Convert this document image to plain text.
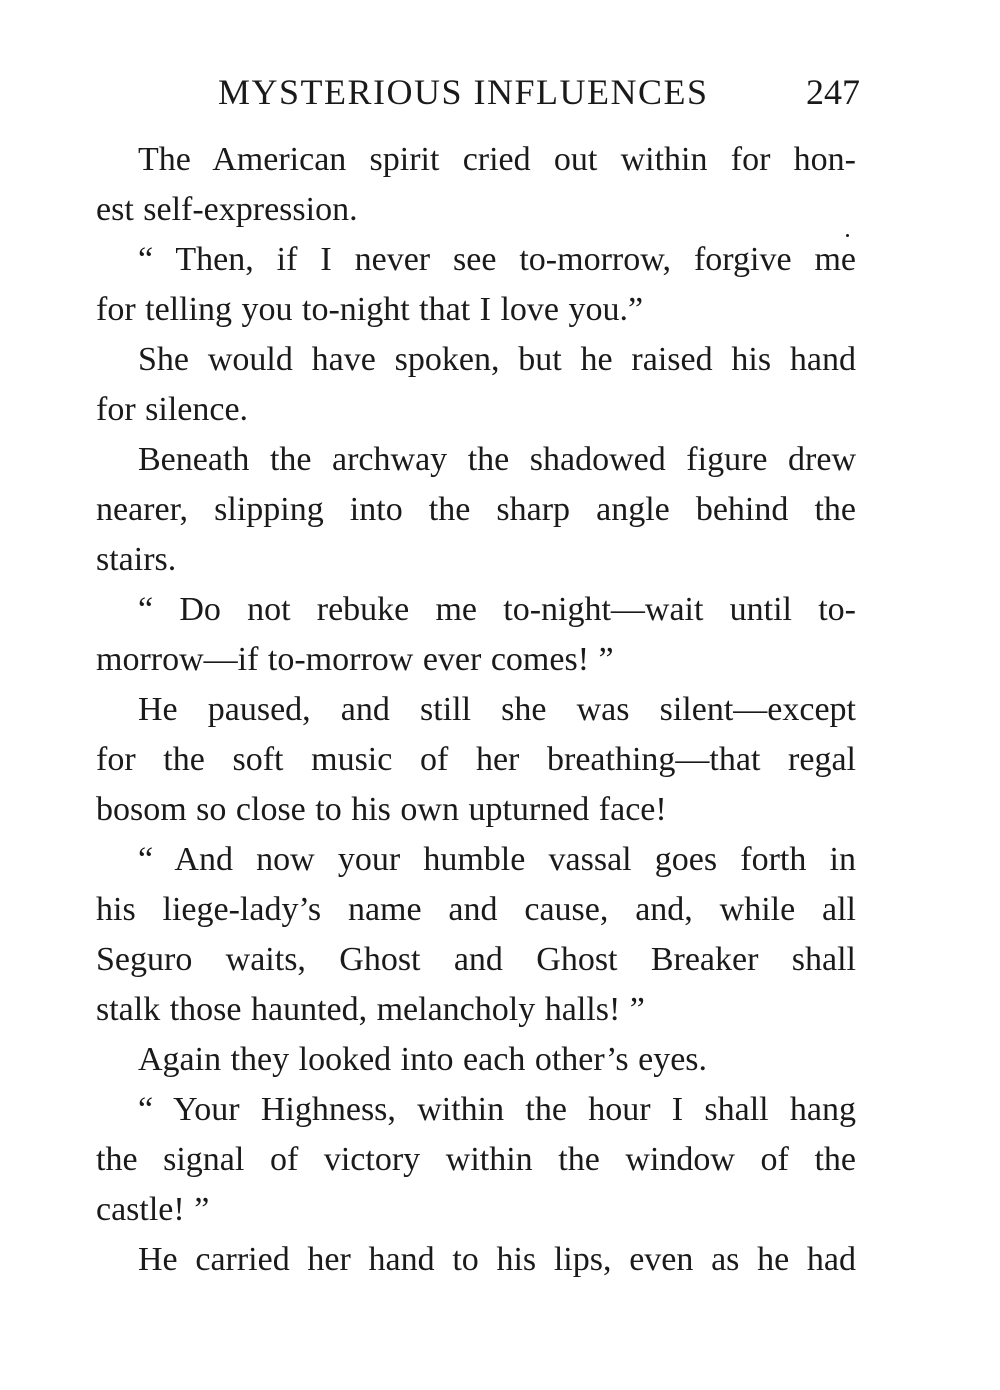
MYSTERIOUS INFLUENCES	247

The American spirit cried out within for hon-
est self-expression.

“ Then, if I never see to-morrow, forgive me
for telling you to-night that I love you.”

She would have spoken, but he raised his hand
for silence.

Beneath the archway the shadowed figure drew
nearer, slipping into the sharp angle behind the
stairs.

“ Do not rebuke me to-night—wait until to-
morrow—if to-morrow ever comes! ”

He paused, and still she was silent—except
for the soft music of her breathing—that regal
bosom so close to his own upturned face!

“ And now your humble vassal goes forth in
his liege-lady’s name and cause, and, while all
Seguro waits, Ghost and Ghost Breaker shall
stalk those haunted, melancholy halls! ”

Again they looked into each other’s eyes.

“ Your Highness, within the hour I shall hang
the signal of victory within the window of the
castle! ”

He carried her hand to his lips, even as he had
